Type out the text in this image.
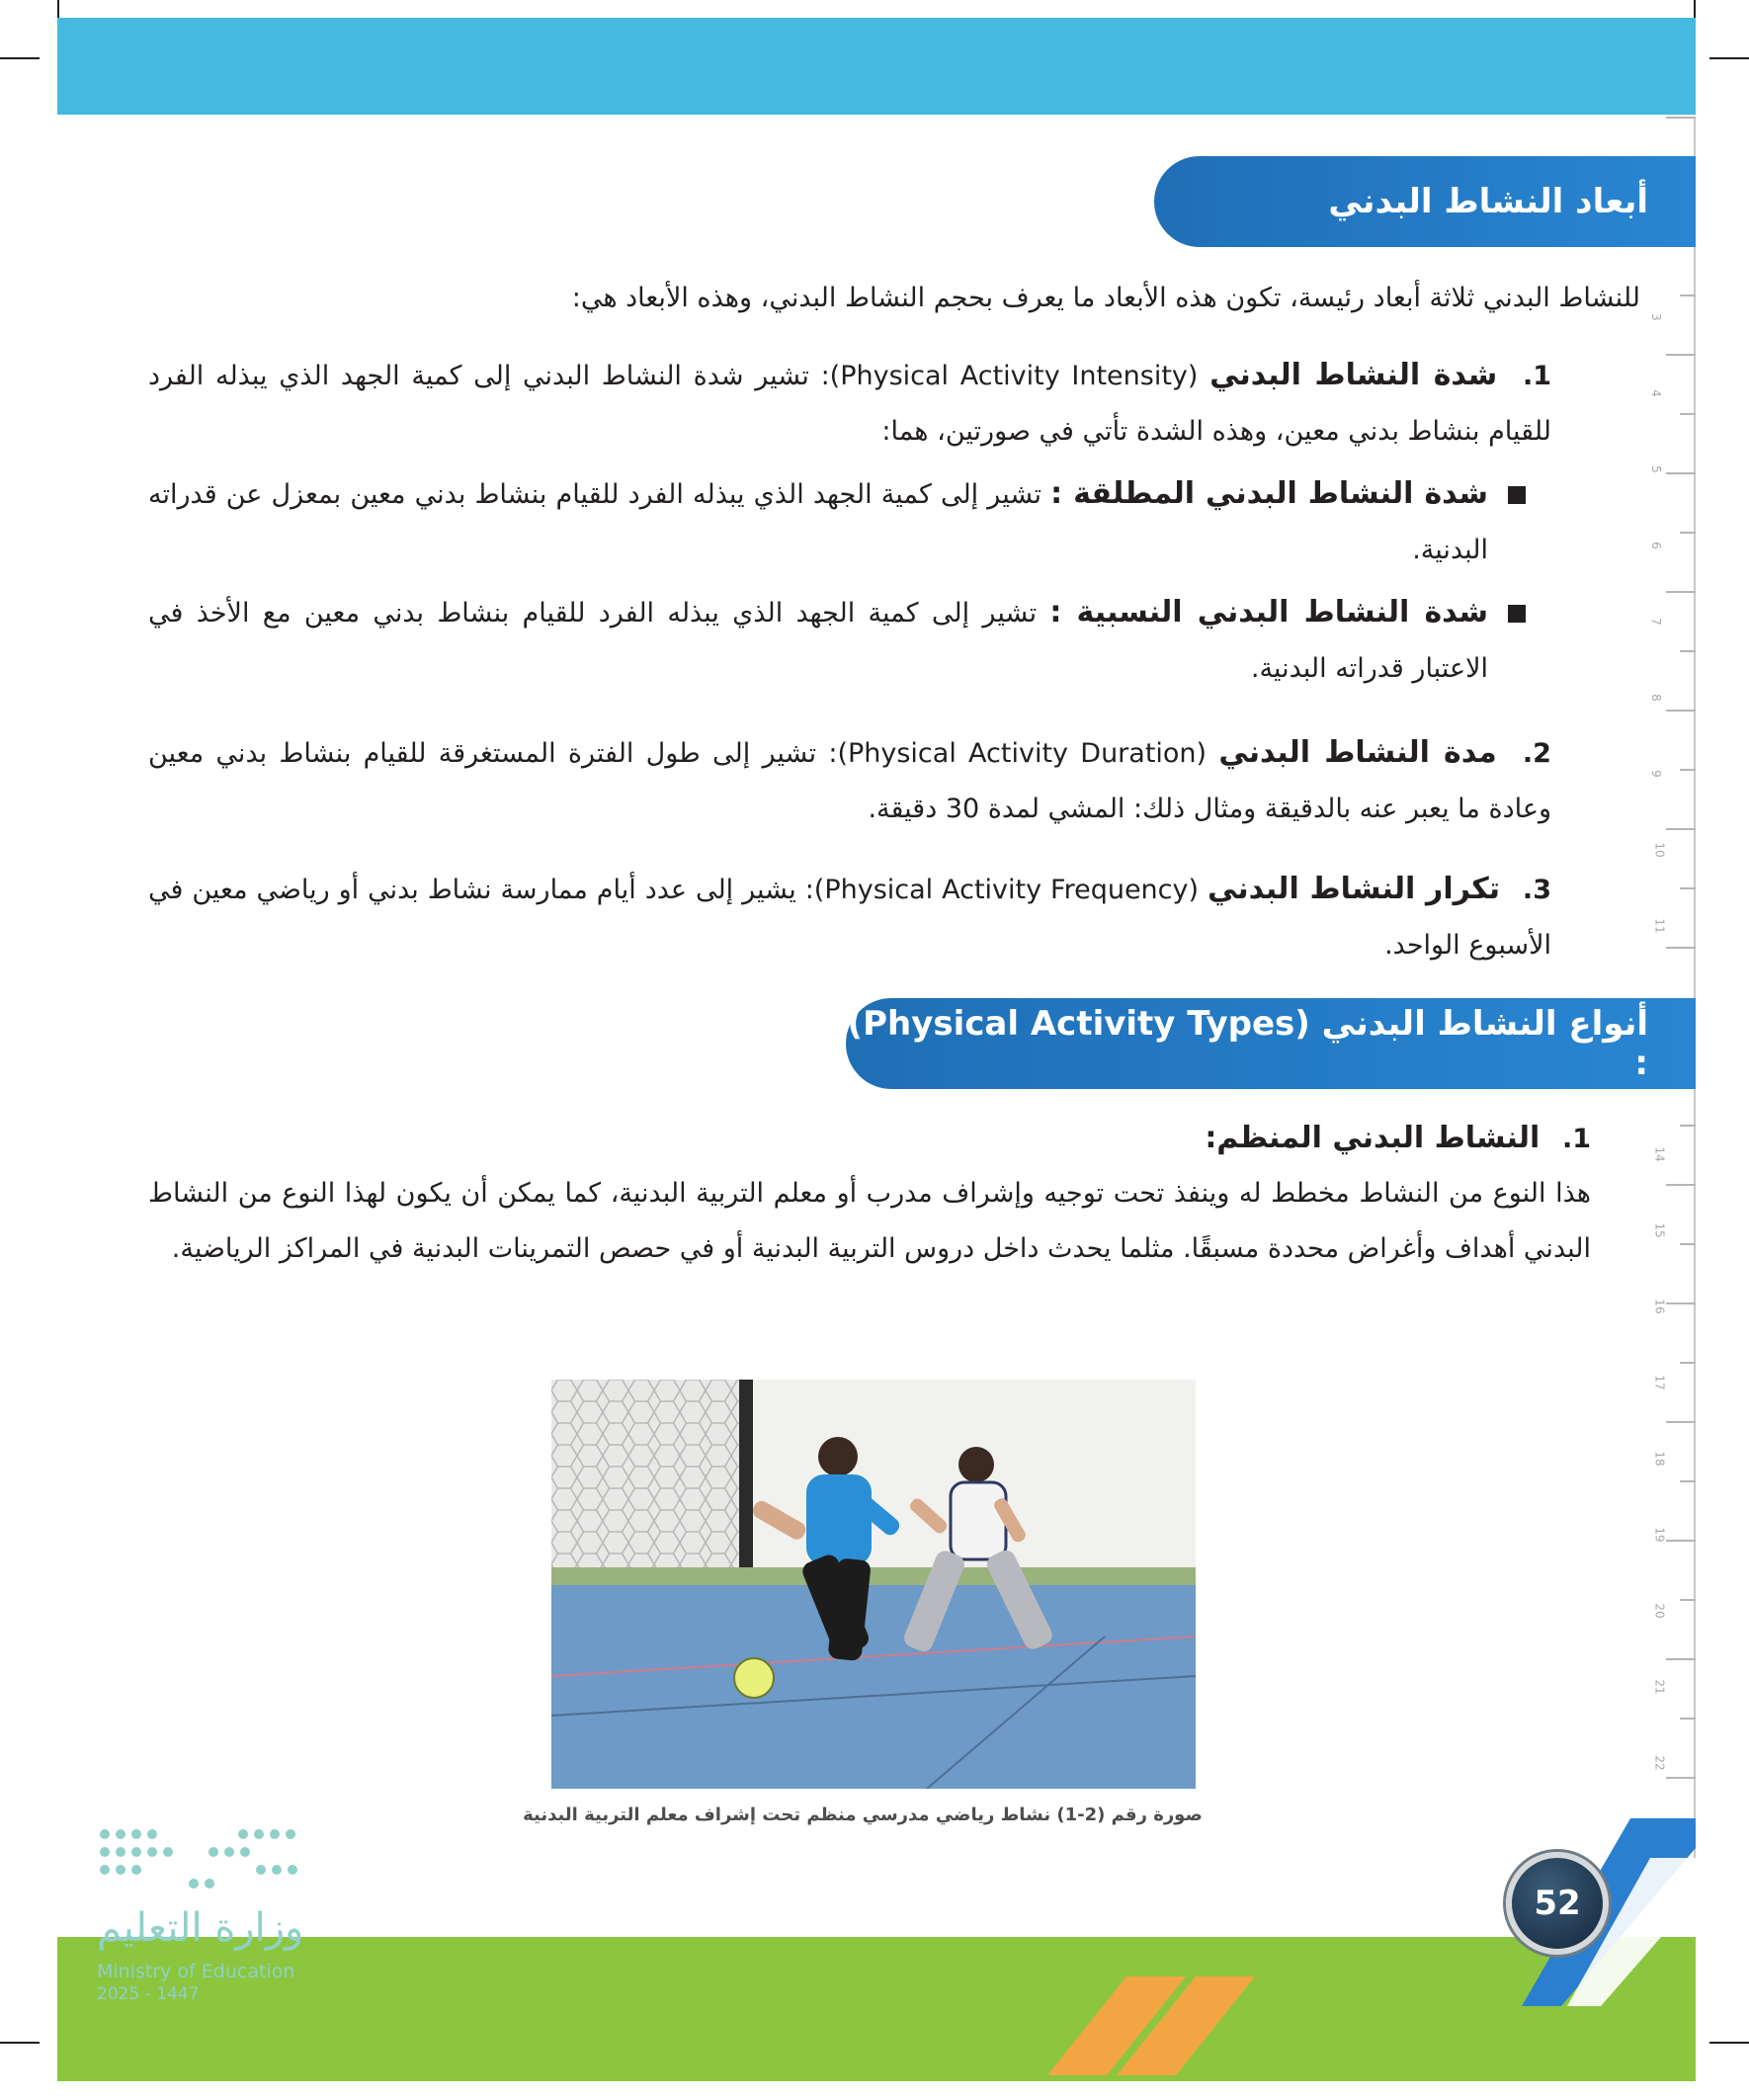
3
4
5
6
7
8
9
10
11
14
15
16
17
18
19
20
21
22
أبعاد النشاط البدني

للنشاط البدني ثلاثة أبعاد رئيسة، تكون هذه الأبعاد ما يعرف بحجم النشاط البدني، وهذه الأبعاد هي:

1. شدة النشاط البدني (Physical Activity Intensity): تشير شدة النشاط البدني إلى كمية الجهد الذي يبذله الفرد للقيام بنشاط بدني معين، وهذه الشدة تأتي في صورتين، هما:

شدة النشاط البدني المطلقة : تشير إلى كمية الجهد الذي يبذله الفرد للقيام بنشاط بدني معين بمعزل عن قدراته البدنية.

شدة النشاط البدني النسبية : تشير إلى كمية الجهد الذي يبذله الفرد للقيام بنشاط بدني معين مع الأخذ في الاعتبار قدراته البدنية.

2. مدة النشاط البدني (Physical Activity Duration): تشير إلى طول الفترة المستغرقة للقيام بنشاط بدني معين وعادة ما يعبر عنه بالدقيقة ومثال ذلك: المشي لمدة 30 دقيقة.

3. تكرار النشاط البدني (Physical Activity Frequency): يشير إلى عدد أيام ممارسة نشاط بدني أو رياضي معين في الأسبوع الواحد.

أنواع النشاط البدني (Physical Activity Types) :

1. النشاط البدني المنظم:

هذا النوع من النشاط مخطط له وينفذ تحت توجيه وإشراف مدرب أو معلم التربية البدنية، كما يمكن أن يكون لهذا النوع من النشاط البدني أهداف وأغراض محددة مسبقًا. مثلما يحدث داخل دروس التربية البدنية أو في حصص التمرينات البدنية في المراكز الرياضية.

صورة رقم (2-1) نشاط رياضي مدرسي منظم تحت إشراف معلم التربية البدنية
52
وزارة التعليم
Ministry of Education
2025 - 1447
